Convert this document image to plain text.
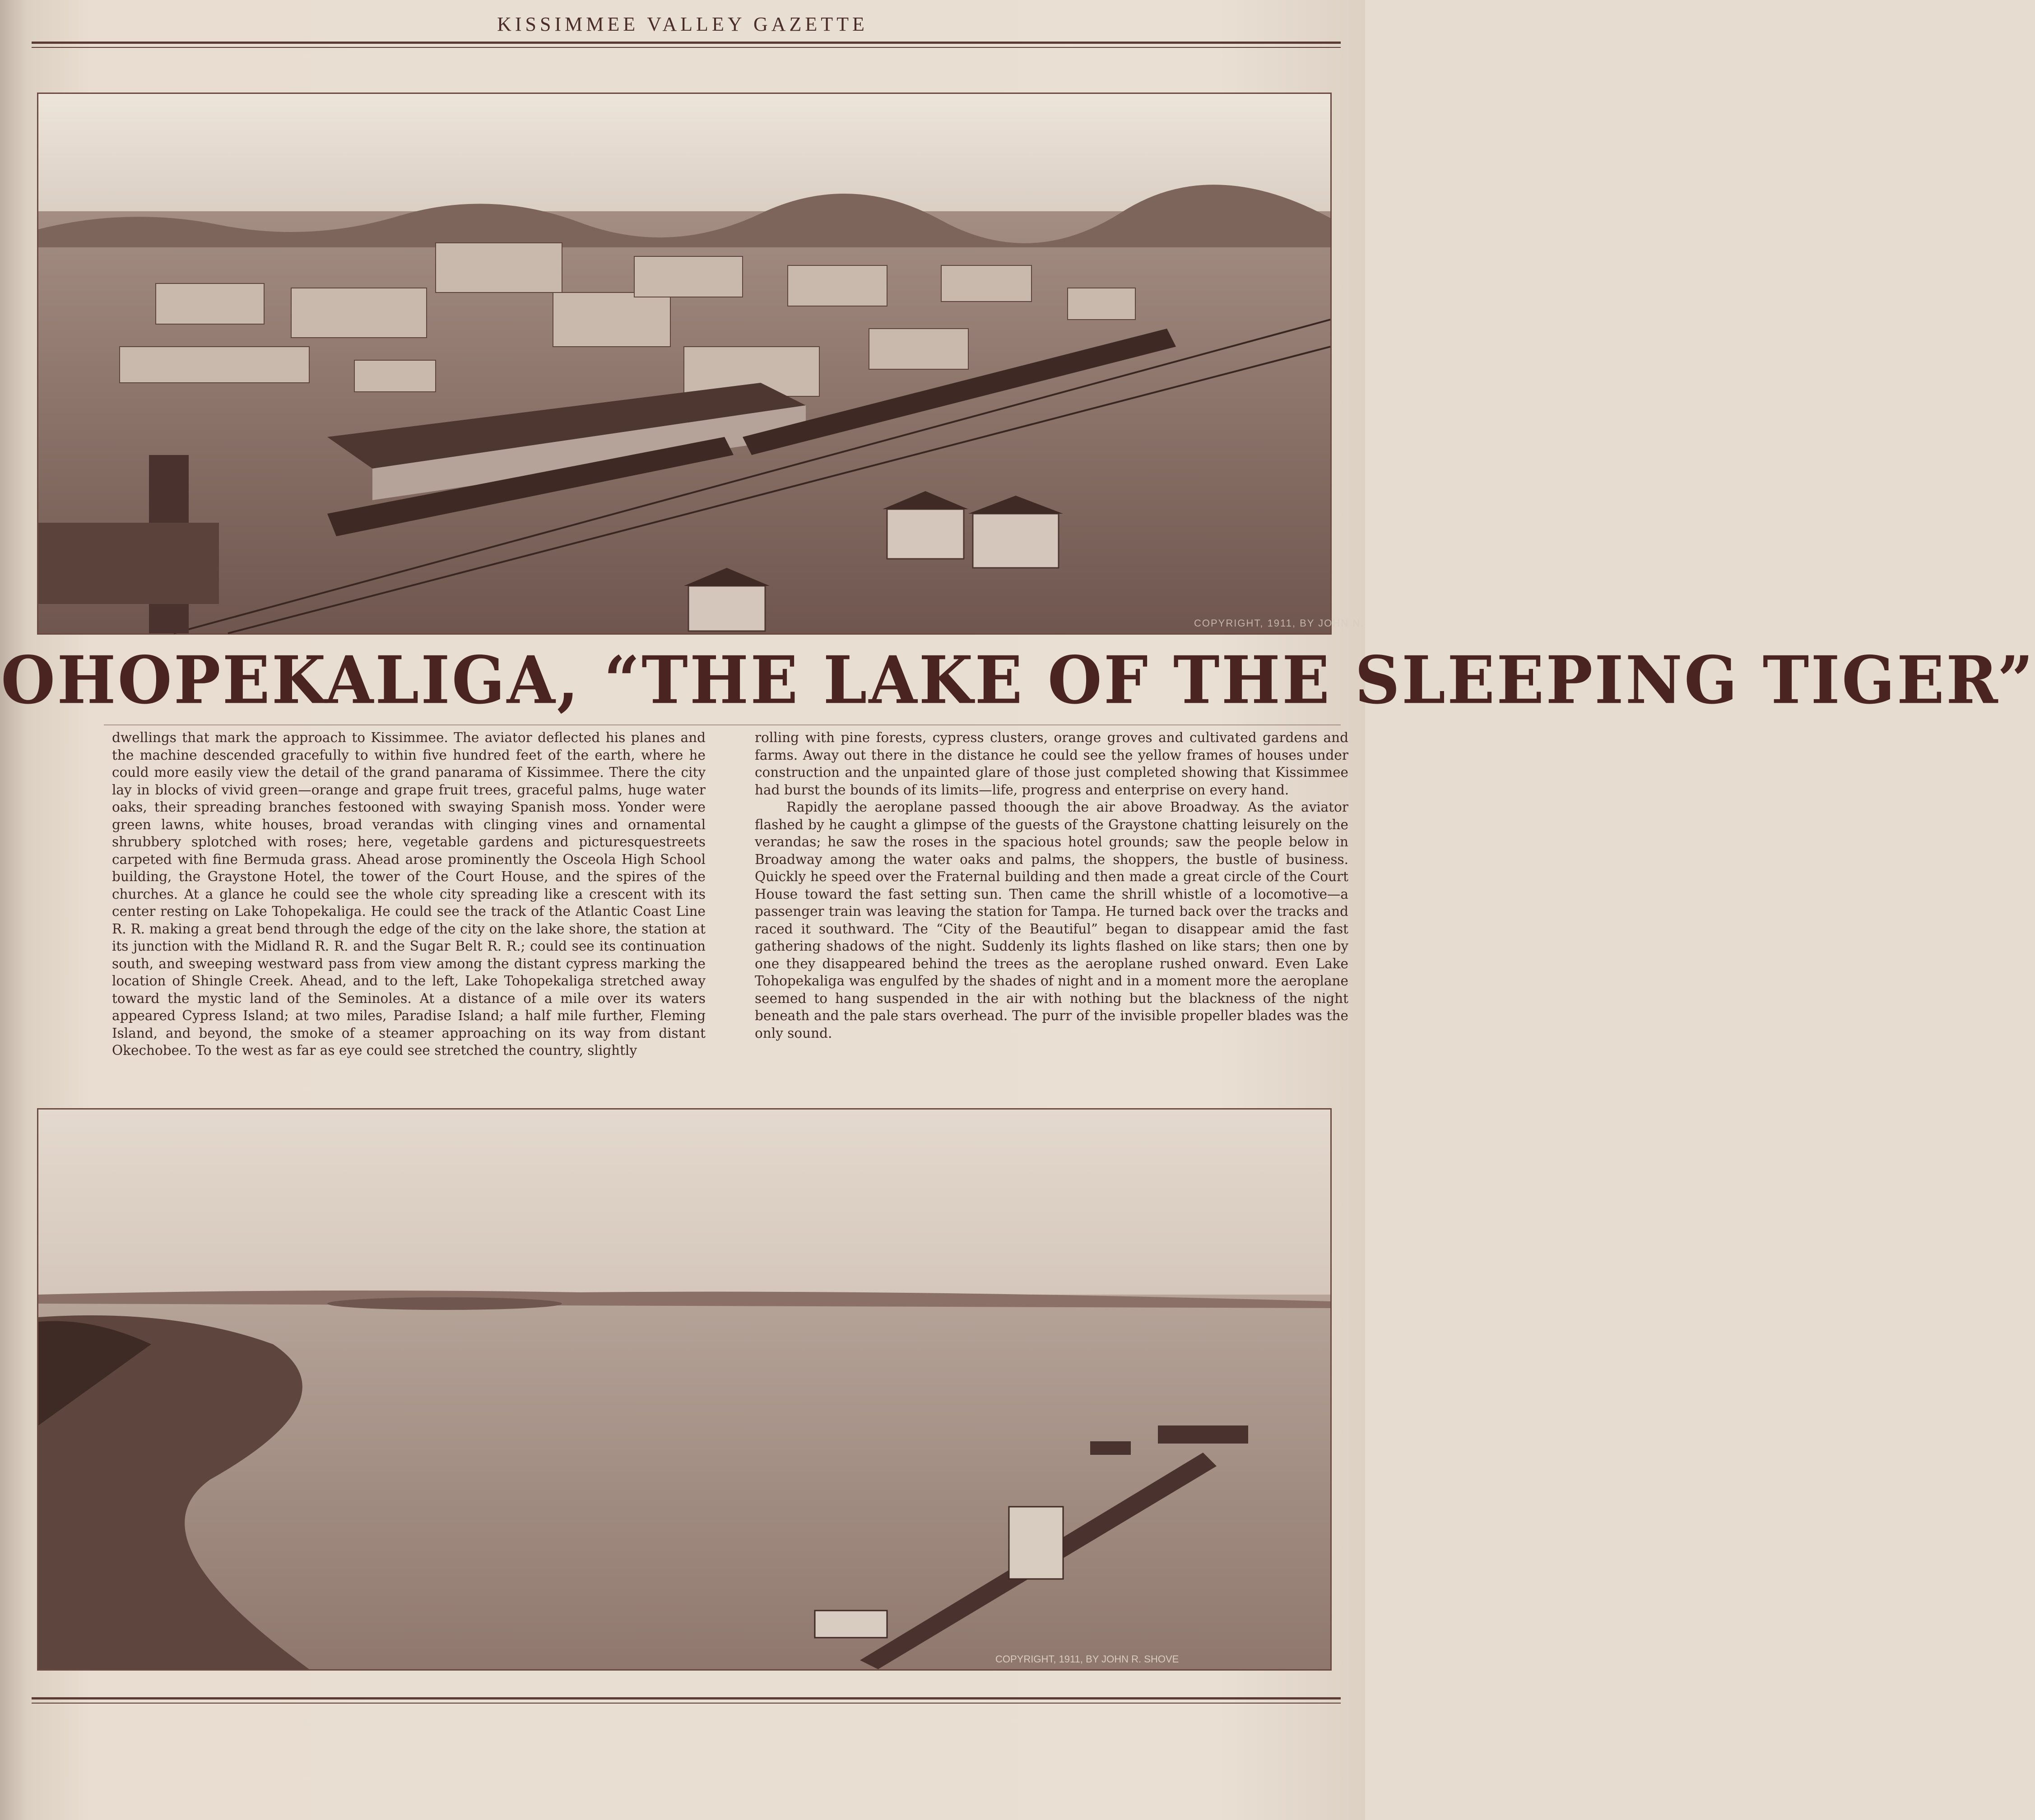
KISSIMMEE VALLEY GAZETTE
COPYRIGHT, 1911, BY JOHN N.
OHOPEKALIGA, “THE LAKE OF THE SLEEPING TIGER”

dwellings that mark the approach to Kissimmee. The aviator deflected his planes and the machine descended gracefully to within five hundred feet of the earth, where he could more easily view the detail of the grand panarama of Kissimmee. There the city lay in blocks of vivid green—orange and grape fruit trees, graceful palms, huge water oaks, their spreading branches festooned with swaying Spanish moss. Yonder were green lawns, white houses, broad verandas with clinging vines and ornamental shrubbery splotched with roses; here, vegetable gardens and picturesquestreets carpeted with fine Bermuda grass. Ahead arose prominently the Osceola High School building, the Graystone Hotel, the tower of the Court House, and the spires of the churches. At a glance he could see the whole city spreading like a crescent with its center resting on Lake Tohopekaliga. He could see the track of the Atlantic Coast Line R. R. making a great bend through the edge of the city on the lake shore, the station at its junction with the Midland R. R. and the Sugar Belt R. R.; could see its continuation south, and sweeping westward pass from view among the distant cypress marking the location of Shingle Creek. Ahead, and to the left, Lake Tohopekaliga stretched away toward the mystic land of the Seminoles. At a distance of a mile over its waters appeared Cypress Island; at two miles, Paradise Island; a half mile further, Fleming Island, and beyond, the smoke of a steamer approaching on its way from distant Okechobee. To the west as far as eye could see stretched the country, slightly

rolling with pine forests, cypress clusters, orange groves and cultivated gardens and farms. Away out there in the distance he could see the yellow frames of houses under construction and the unpainted glare of those just completed showing that Kissimmee had burst the bounds of its limits—life, progress and enterprise on every hand.

Rapidly the aeroplane passed thoough the air above Broadway. As the aviator flashed by he caught a glimpse of the guests of the Graystone chatting leisurely on the verandas; he saw the roses in the spacious hotel grounds; saw the people below in Broadway among the water oaks and palms, the shoppers, the bustle of business. Quickly he speed over the Fraternal building and then made a great circle of the Court House toward the fast setting sun. Then came the shrill whistle of a locomotive—a passenger train was leaving the station for Tampa. He turned back over the tracks and raced it southward. The “City of the Beautiful” began to disappear amid the fast gathering shadows of the night. Suddenly its lights flashed on like stars; then one by one they disappeared behind the trees as the aeroplane rushed onward. Even Lake Tohopekaliga was engulfed by the shades of night and in a moment more the aeroplane seemed to hang suspended in the air with nothing but the blackness of the night beneath and the pale stars overhead. The purr of the invisible propeller blades was the only sound.

COPYRIGHT, 1911, BY JOHN R. SHOVE
